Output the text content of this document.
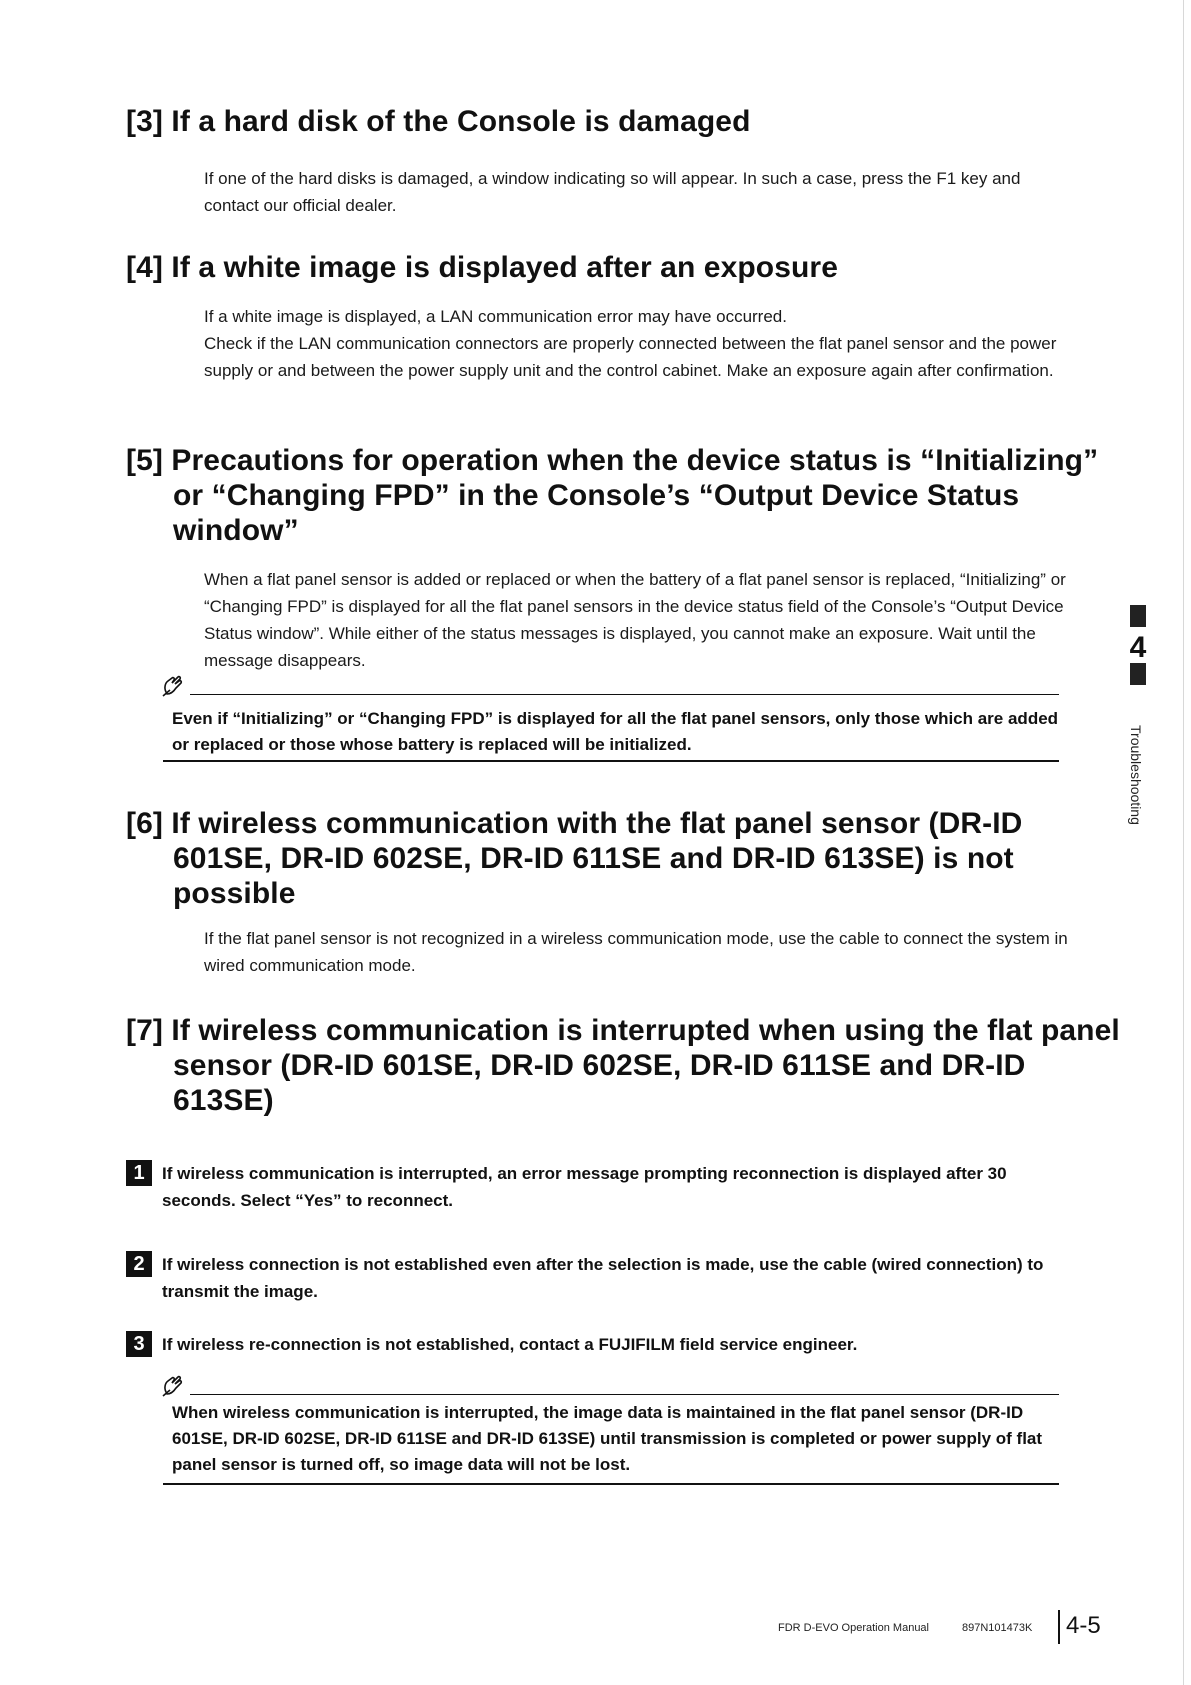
[3] If a hard disk of the Console is damaged

If one of the hard disks is damaged, a window indicating so will appear. In such a case, press the F1 key and contact our official dealer.

[4] If a white image is displayed after an exposure

If a white image is displayed, a LAN communication error may have occurred.
Check if the LAN communication connectors are properly connected between the flat panel sensor and the power supply or and between the power supply unit and the control cabinet. Make an exposure again after confirmation.

[5] Precautions for operation when the device status is “Initializing” or “Changing FPD” in the Console’s “Output Device Status window”

When a flat panel sensor is added or replaced or when the battery of a flat panel sensor is replaced, “Initializing” or “Changing FPD” is displayed for all the flat panel sensors in the device status field of the Console’s “Output Device Status window”. While either of the status messages is displayed, you cannot make an exposure. Wait until the message disappears.

Even if “Initializing” or “Changing FPD” is displayed for all the flat panel sensors, only those which are added or replaced or those whose battery is replaced will be initialized.

[6] If wireless communication with the flat panel sensor (DR-ID 601SE, DR-ID 602SE, DR-ID 611SE and DR-ID 613SE) is not possible

If the flat panel sensor is not recognized in a wireless communication mode, use the cable to connect the system in wired communication mode.

[7] If wireless communication is interrupted when using the flat panel sensor (DR-ID 601SE, DR-ID 602SE, DR-ID 611SE and DR-ID 613SE)
1	If wireless communication is interrupted, an error message prompting reconnection is displayed after 30 seconds. Select “Yes” to reconnect.

2	If wireless connection is not established even after the selection is made, use the cable (wired connection) to transmit the image.

3	If wireless re-connection is not established, contact a FUJIFILM field service engineer.

When wireless communication is interrupted, the image data is maintained in the flat panel sensor (DR-ID 601SE, DR-ID 602SE, DR-ID 611SE and DR-ID 613SE) until transmission is completed or power supply of flat panel sensor is turned off, so image data will not be lost.

4
Troubleshooting
FDR D-EVO Operation Manual	897N101473K 4-5
